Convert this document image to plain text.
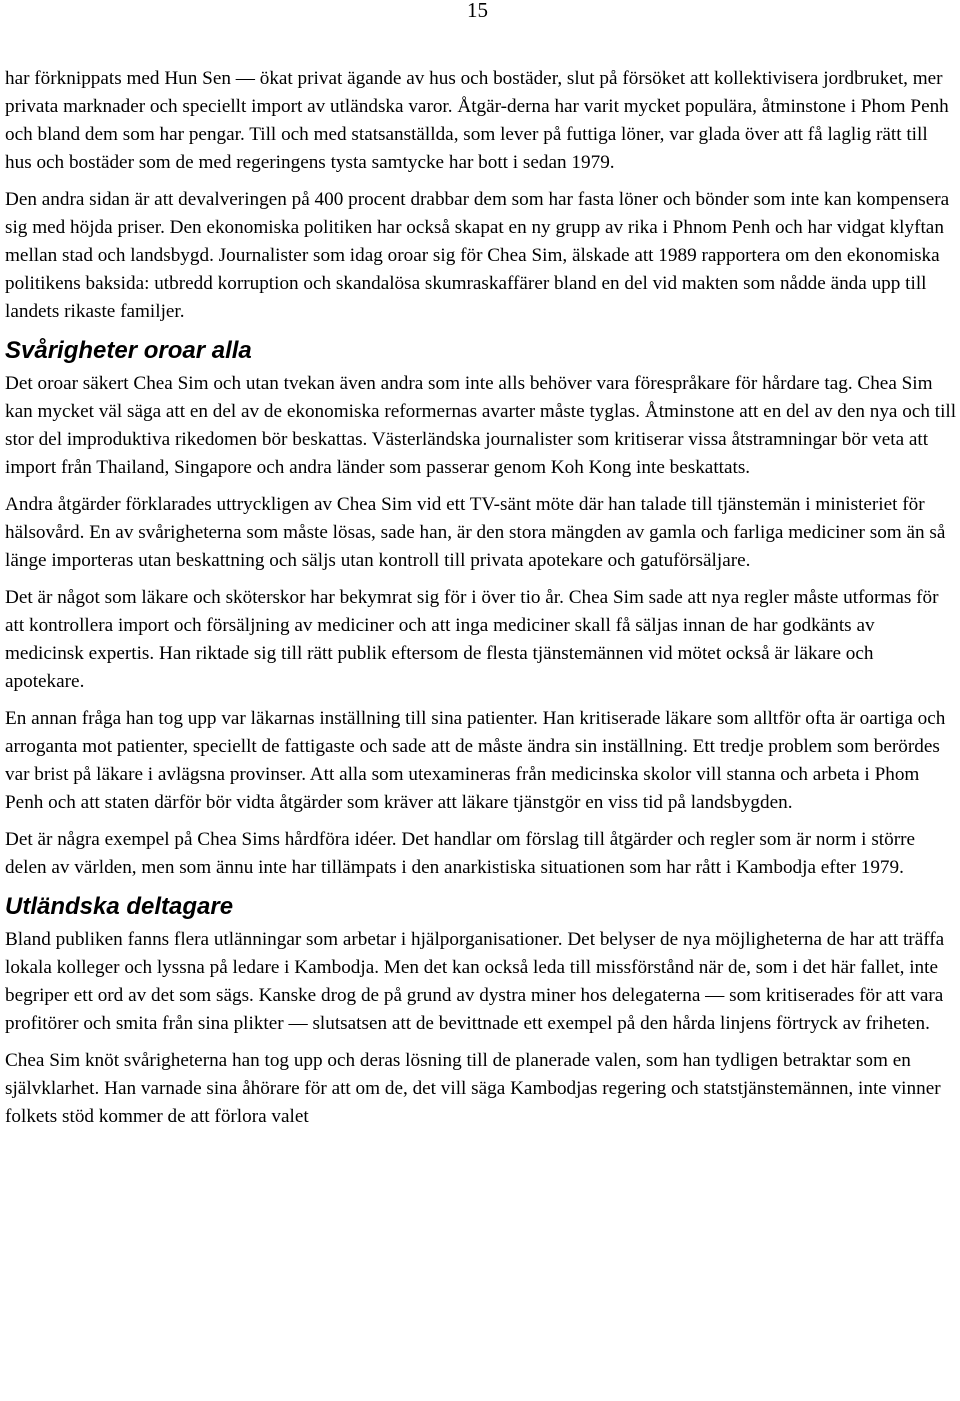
15

har förknippats med Hun Sen — ökat privat ägande av hus och bostäder, slut på försöket att kollektivisera jordbruket, mer privata marknader och speciellt import av utländska varor. Åtgär-derna har varit mycket populära, åtminstone i Phom Penh och bland dem som har pengar. Till och med statsanställda, som lever på futtiga löner, var glada över att få laglig rätt till hus och bostäder som de med regeringens tysta samtycke har bott i sedan 1979.

Den andra sidan är att devalveringen på 400 procent drabbar dem som har fasta löner och bönder som inte kan kompensera sig med höjda priser. Den ekonomiska politiken har också skapat en ny grupp av rika i Phnom Penh och har vidgat klyftan mellan stad och landsbygd. Journalister som idag oroar sig för Chea Sim, älskade att 1989 rapportera om den ekonomiska politikens baksida: utbredd korruption och skandalösa skumraskaffärer bland en del vid makten som nådde ända upp till landets rikaste familjer.

Svårigheter oroar alla

Det oroar säkert Chea Sim och utan tvekan även andra som inte alls behöver vara förespråkare för hårdare tag. Chea Sim kan mycket väl säga att en del av de ekonomiska reformernas avarter måste tyglas. Åtminstone att en del av den nya och till stor del improduktiva rikedomen bör beskattas. Västerländska journalister som kritiserar vissa åtstramningar bör veta att import från Thailand, Singapore och andra länder som passerar genom Koh Kong inte beskattats.

Andra åtgärder förklarades uttryckligen av Chea Sim vid ett TV-sänt möte där han talade till tjänstemän i ministeriet för hälsovård. En av svårigheterna som måste lösas, sade han, är den stora mängden av gamla och farliga mediciner som än så länge importeras utan beskattning och säljs utan kontroll till privata apotekare och gatuförsäljare.

Det är något som läkare och sköterskor har bekymrat sig för i över tio år. Chea Sim sade att nya regler måste utformas för att kontrollera import och försäljning av mediciner och att inga mediciner skall få säljas innan de har godkänts av medicinsk expertis. Han riktade sig till rätt publik eftersom de flesta tjänstemännen vid mötet också är läkare och apotekare.

En annan fråga han tog upp var läkarnas inställning till sina patienter. Han kritiserade läkare som alltför ofta är oartiga och arroganta mot patienter, speciellt de fattigaste och sade att de måste ändra sin inställning. Ett tredje problem som berördes var brist på läkare i avlägsna provinser. Att alla som utexamineras från medicinska skolor vill stanna och arbeta i Phom Penh och att staten därför bör vidta åtgärder som kräver att läkare tjänstgör en viss tid på landsbygden.

Det är några exempel på Chea Sims hårdföra idéer. Det handlar om förslag till åtgärder och regler som är norm i större delen av världen, men som ännu inte har tillämpats i den anarkistiska situationen som har rått i Kambodja efter 1979.

Utländska deltagare

Bland publiken fanns flera utlänningar som arbetar i hjälporganisationer. Det belyser de nya möjligheterna de har att träffa lokala kolleger och lyssna på ledare i Kambodja. Men det kan också leda till missförstånd när de, som i det här fallet, inte begriper ett ord av det som sägs. Kanske drog de på grund av dystra miner hos delegaterna — som kritiserades för att vara profitörer och smita från sina plikter — slutsatsen att de bevittnade ett exempel på den hårda linjens förtryck av friheten.

Chea Sim knöt svårigheterna han tog upp och deras lösning till de planerade valen, som han tydligen betraktar som en självklarhet. Han varnade sina åhörare för att om de, det vill säga Kambodjas regering och statstjänstemännen, inte vinner folkets stöd kommer de att förlora valet
